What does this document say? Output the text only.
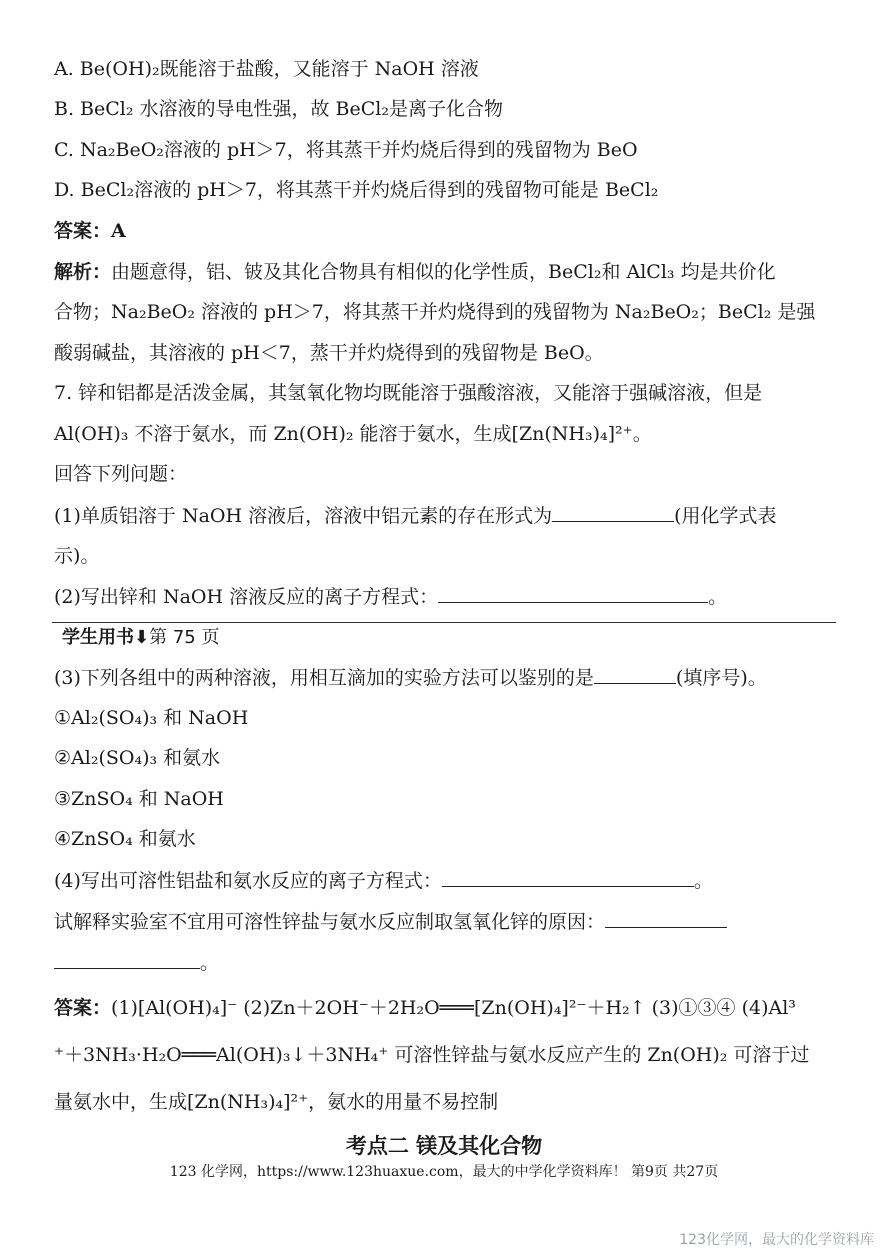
A. Be(OH)₂既能溶于盐酸，又能溶于 NaOH 溶液
B. BeCl₂ 水溶液的导电性强，故 BeCl₂是离子化合物
C. Na₂BeO₂溶液的 pH＞7，将其蒸干并灼烧后得到的残留物为 BeO
D. BeCl₂溶液的 pH＞7，将其蒸干并灼烧后得到的残留物可能是 BeCl₂
答案：A
解析：由题意得，铝、铍及其化合物具有相似的化学性质，BeCl₂和 AlCl₃ 均是共价化
合物；Na₂BeO₂ 溶液的 pH＞7，将其蒸干并灼烧得到的残留物为 Na₂BeO₂；BeCl₂ 是强
酸弱碱盐，其溶液的 pH＜7，蒸干并灼烧得到的残留物是 BeO。
7. 锌和铝都是活泼金属，其氢氧化物均既能溶于强酸溶液，又能溶于强碱溶液，但是
Al(OH)₃ 不溶于氨水，而 Zn(OH)₂ 能溶于氨水，生成[Zn(NH₃)₄]²⁺。
回答下列问题：
(1)单质铝溶于 NaOH 溶液后，溶液中铝元素的存在形式为	(用化学式表
示)。
(2)写出锌和 NaOH 溶液反应的离子方程式：	。
学生用书⬇第 75 页
(3)下列各组中的两种溶液，用相互滴加的实验方法可以鉴别的是	(填序号)。
①Al₂(SO₄)₃ 和 NaOH
②Al₂(SO₄)₃ 和氨水
③ZnSO₄ 和 NaOH
④ZnSO₄ 和氨水
(4)写出可溶性铝盐和氨水反应的离子方程式：	。
试解释实验室不宜用可溶性锌盐与氨水反应制取氢氧化锌的原因：
。
答案：(1)[Al(OH)₄]⁻ (2)Zn＋2OH⁻＋2H₂O═══[Zn(OH)₄]²⁻＋H₂↑ (3)①③④ (4)Al³
⁺＋3NH₃·H₂O═══Al(OH)₃↓＋3NH₄⁺ 可溶性锌盐与氨水反应产生的 Zn(OH)₂ 可溶于过
量氨水中，生成[Zn(NH₃)₄]²⁺，氨水的用量不易控制
考点二 镁及其化合物
123 化学网，https://www.123huaxue.com，最大的中学化学资料库！ 第9页 共27页
123化学网，最大的化学资料库
